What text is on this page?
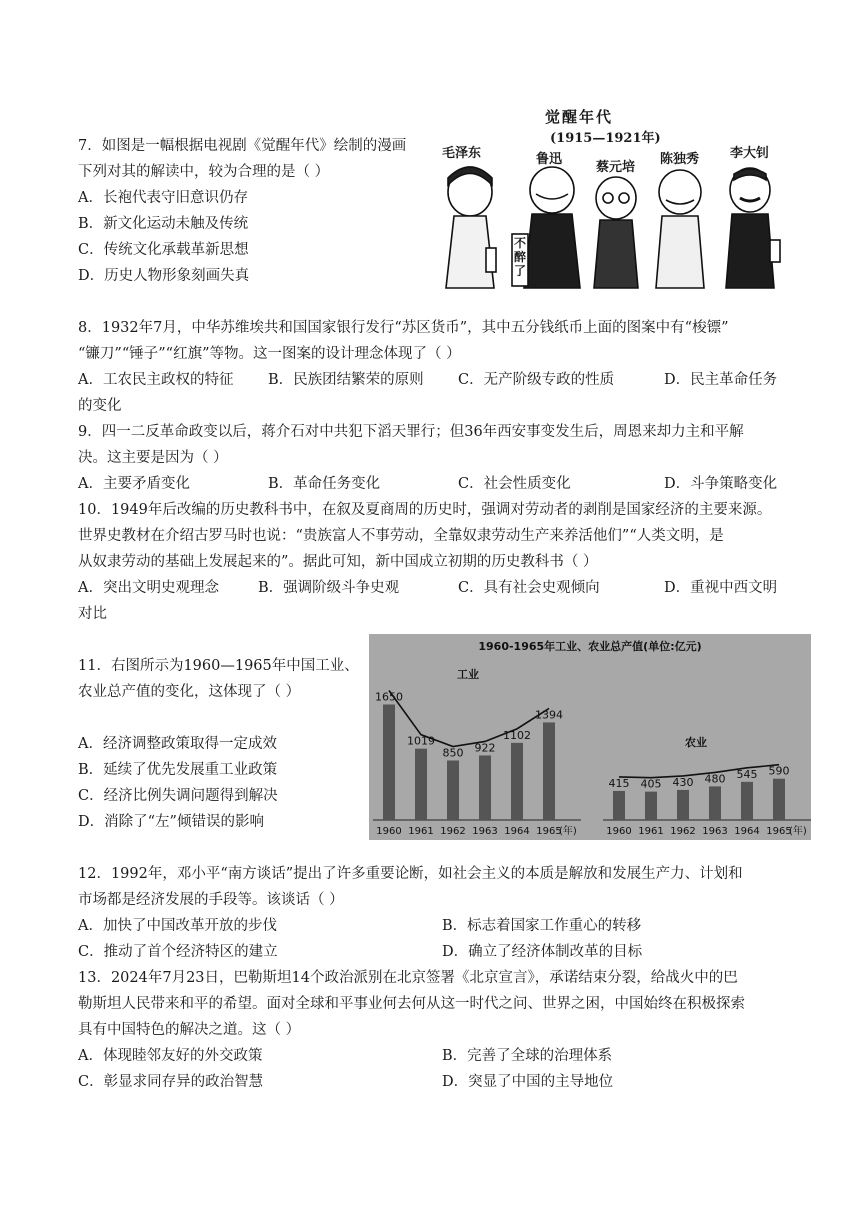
7．如图是一幅根据电视剧《觉醒年代》绘制的漫画
下列对其的解读中，较为合理的是（ ）
A．长袍代表守旧意识仍存
B．新文化运动未触及传统
C．传统文化承载革新思想
D．历史人物形象刻画失真
觉醒年代
(1915—1921年)
毛泽东	鲁迅
蔡元培
陈独秀 李大钊
不醉了
8．1932年7月，中华苏维埃共和国国家银行发行“苏区货币”，其中五分钱纸币上面的图案中有“梭镖”
“镰刀”“锤子”“红旗”等物。这一图案的设计理念体现了（ ）
A．工农民主政权的特征 B．民族团结繁荣的原则 C．无产阶级专政的性质	D．民主革命任务
的变化
9．四一二反革命政变以后，蒋介石对中共犯下滔天罪行；但36年西安事变发生后，周恩来却力主和平解
决。这主要是因为（ ）
A．主要矛盾变化	B．革命任务变化	C．社会性质变化	D．斗争策略变化
10．1949年后改编的历史教科书中，在叙及夏商周的历史时，强调对劳动者的剥削是国家经济的主要来源。
世界史教材在介绍古罗马时也说：“贵族富人不事劳动，全靠奴隶劳动生产来养活他们”“人类文明，是
从奴隶劳动的基础上发展起来的”。据此可知，新中国成立初期的历史教科书（ ）
A．突出文明史观理念	B．强调阶级斗争史观	C．具有社会史观倾向	D．重视中西文明
对比
11．右图所示为1960—1965年中国工业、
农业总产值的变化，这体现了（ ）
A．经济调整政策取得一定成效
B．延续了优先发展重工业政策
C．经济比例失调问题得到解决
D．消除了“左”倾错误的影响
1960-1965年工业、农业总产值(单位:亿元)
工业
1650
1960
1019
1961
850
1962
922
1963
1102
1964
1394
1965
(年)
农业
415
1960
405
1961
430
1962
480
1963
545
1964
590
1965
(年)
12．1992年，邓小平“南方谈话”提出了许多重要论断，如社会主义的本质是解放和发展生产力、计划和
市场都是经济发展的手段等。该谈话（ ）
A．加快了中国改革开放的步伐	B．标志着国家工作重心的转移
C．推动了首个经济特区的建立	D．确立了经济体制改革的目标
13．2024年7月23日，巴勒斯坦14个政治派别在北京签署《北京宣言》，承诺结束分裂，给战火中的巴
勒斯坦人民带来和平的希望。面对全球和平事业何去何从这一时代之问、世界之困，中国始终在积极探索
具有中国特色的解决之道。这（ ）
A．体现睦邻友好的外交政策	B．完善了全球的治理体系
C．彰显求同存异的政治智慧	D．突显了中国的主导地位
